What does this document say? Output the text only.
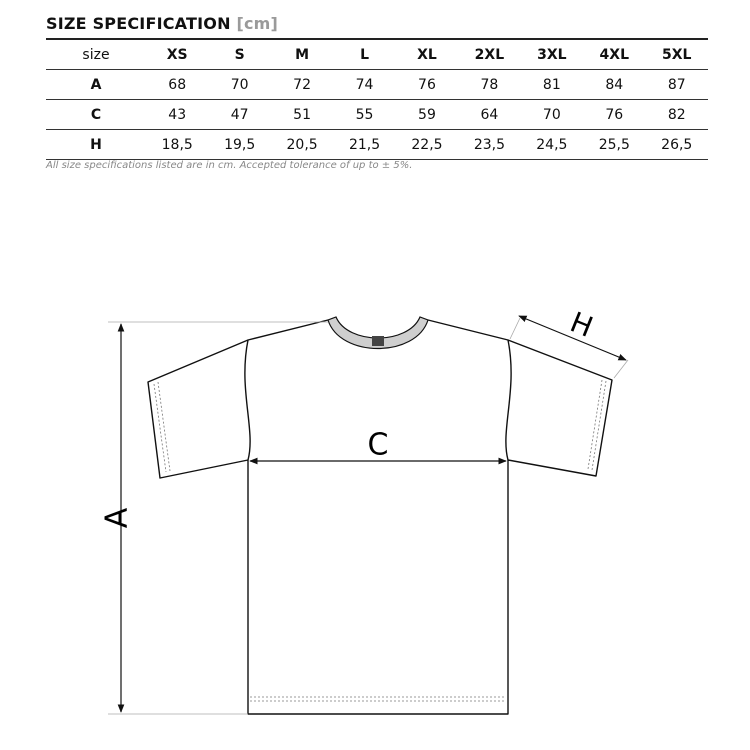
SIZE SPECIFICATION [cm]
size	XS	S	M	L	XL	2XL	3XL	4XL	5XL
A	68	70	72	74	76	78	81	84	87
C	43	47	51	55	59	64	70	76	82
H	18,5	19,5	20,5	21,5	22,5	23,5	24,5	25,5	26,5
All size specifications listed are in cm. Accepted tolerance of up to ± 5%.
A
C
H
